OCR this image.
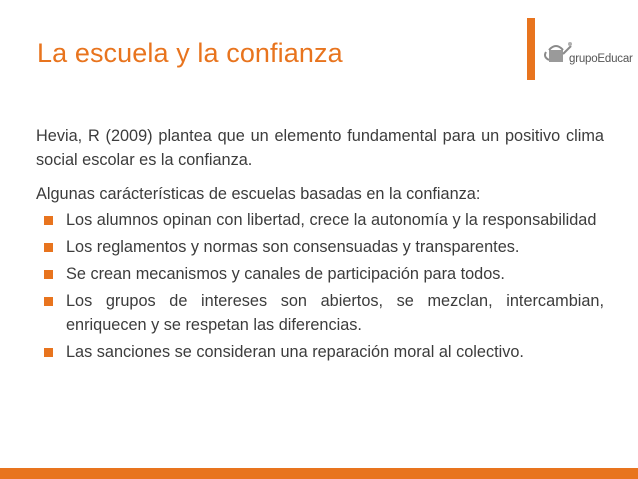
La escuela y la confianza	grupoEducar

Hevia, R (2009) plantea que un elemento fundamental para un positivo clima social escolar es la confianza.

Algunas carácterísticas de escuelas basadas en la confianza:

Los alumnos opinan con libertad, crece la autonomía y la responsabilidad
Los reglamentos y normas son consensuadas y transparentes.
Se crean mecanismos y canales de participación para todos.
Los grupos de intereses son abiertos, se mezclan, intercambian, enriquecen y se respetan las diferencias.
Las sanciones se consideran una reparación moral al colectivo.
